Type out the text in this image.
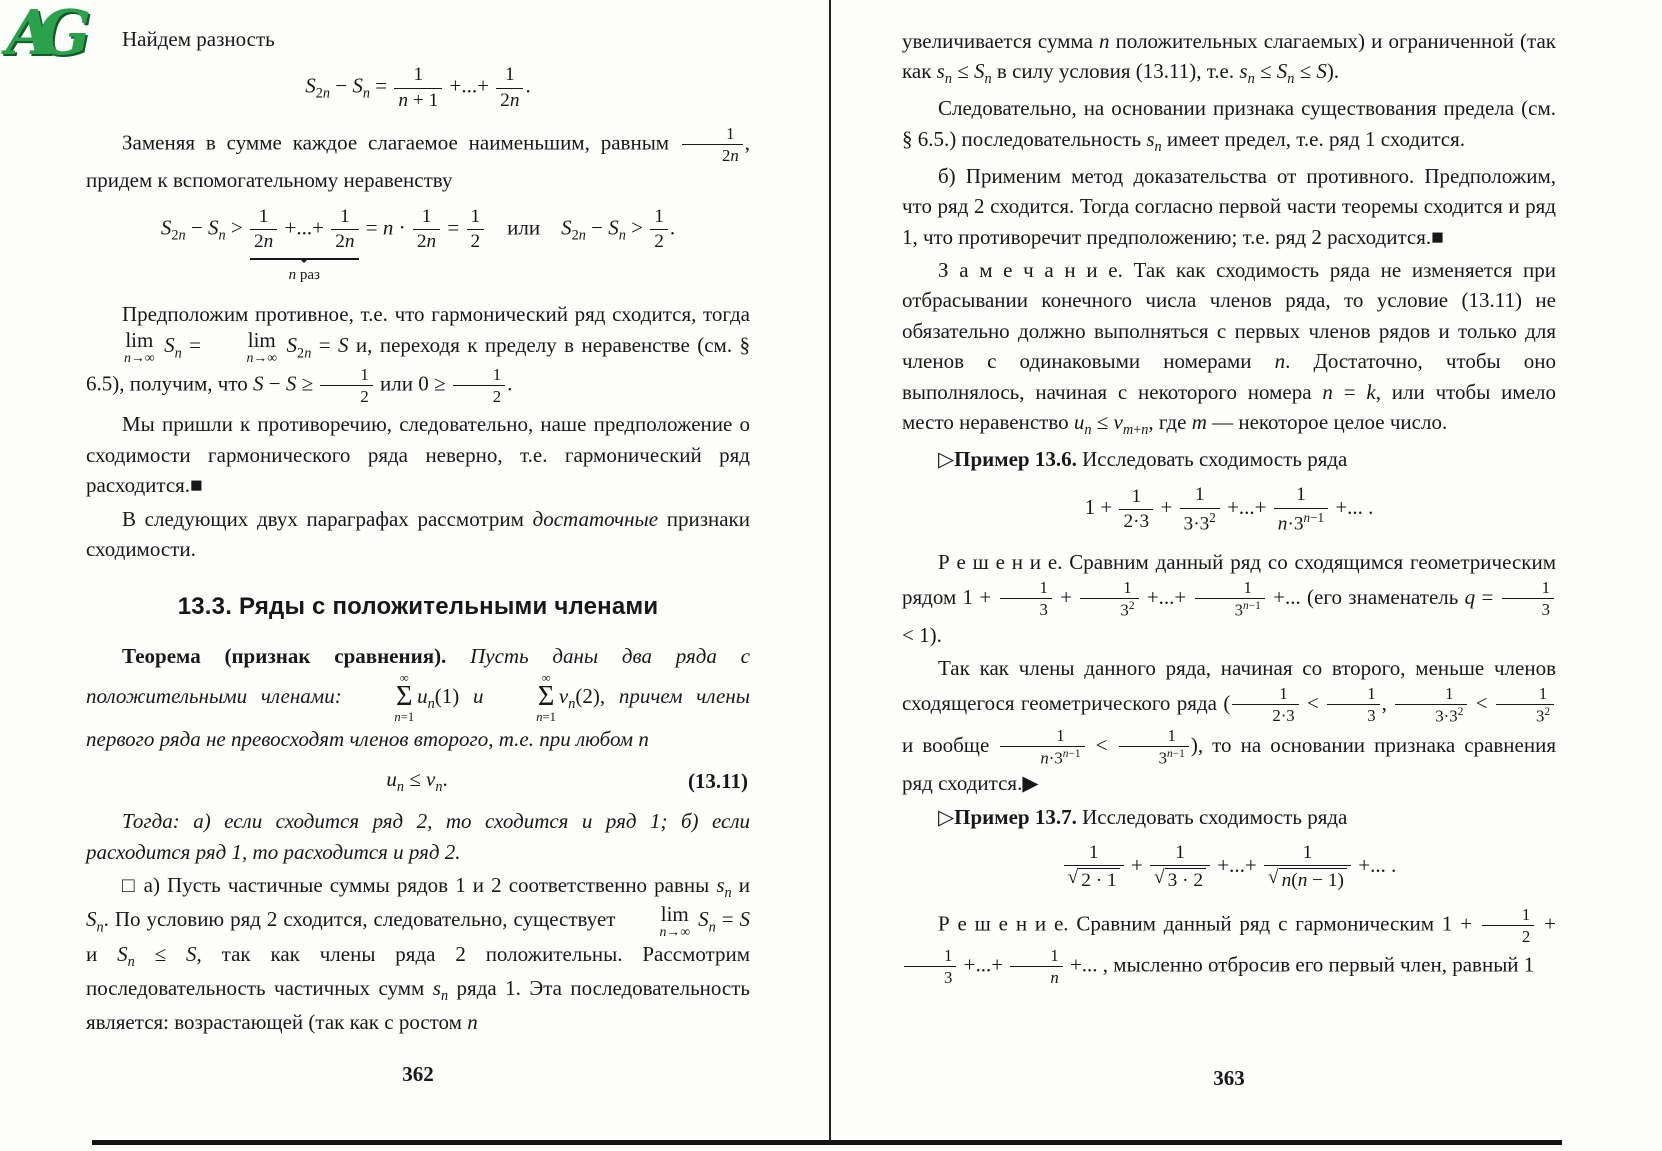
AG	Найдем разность

$S_{2n} - S_n = \frac{1}{n + 1}$ +...+ $\frac{1}{2n}$ .

Заменяя в сумме каждое слагаемое наименьшим, равным $\frac{1}{2n}$ , придем к вспомогательному неравенству

$S_{2n} - S_n > \frac{1}{2n}$ +...+ $\frac{1}{2n}$
n раз
= $n \cdot \frac{1}{2n} = \frac{1}{2}$  или $S_{2n} - S_n > \frac{1}{2}$ .

Предположим противное, т.е. что гармонический ряд сходится, тогда
lim
n→∞
$S_n$ =	lim
n→∞
$S_{2n} = S$ и, переходя к пределу в неравенстве (см. § 6.5), получим, что $S - S \ge \frac{1}{2}$ или $0 \ge \frac{1}{2}$ .

Мы пришли к противоречию, следовательно, наше предположение о сходимости гармонического ряда неверно, т.е. гармонический ряд расходится.■

В следующих двух параграфах рассмотрим достаточные признаки сходимости.

13.3. Ряды с положительными членами

Теорема (признак сравнения). Пусть даны два ряда с положительными членами:
∞
Σ
n=1
$u_n(1)$ и
∞
Σ
n=1
$v_n(2)$, причем члены первого ряда не превосходят членов второго, т.е. при любом n

$u_n \le v_n$.	(13.11)

Тогда: а) если сходится ряд 2, то сходится и ряд 1; б) если расходится ряд 1, то расходится и ряд 2.

□ а) Пусть частичные суммы рядов 1 и 2 соответственно равны $s_n$ и $S_n$. По условию ряд 2 сходится, следовательно, существует	lim
n→∞
$S_n = S$ и $S_n \le S$, так как члены ряда 2 положительны. Рассмотрим последовательность частичных сумм $s_n$ ряда 1. Эта последовательность является: возрастающей (так как с ростом n

362

увеличивается сумма n положительных слагаемых) и ограниченной (так как $s_n \le S_n$ в силу условия (13.11), т.е. $s_n \le S_n \le S$).

Следовательно, на основании признака существования предела (см. § 6.5.) последовательность $s_n$ имеет предел, т.е. ряд 1 сходится.

б) Применим метод доказательства от противного. Предположим, что ряд 2 сходится. Тогда согласно первой части теоремы сходится и ряд 1, что противоречит предположению; т.е. ряд 2 расходится.■

З а м е ч а н и е. Так как сходимость ряда не изменяется при отбрасывании конечного числа членов ряда, то условие (13.11) не обязательно должно выполняться с первых членов рядов и только для членов с одинаковыми номерами n. Достаточно, чтобы оно выполнялось, начиная с некоторого номера n = k, или чтобы имело место неравенство $u_n \le v_{m+n}$, где m — некоторое целое число.

▷Пример 13.6. Исследовать сходимость ряда

$1 + \frac{1}{2\cdot 3} + \frac{1}{3\cdot 3^2}$ +...+ $\frac{1}{n\cdot 3^{n-1}}$ +... .

Р е ш е н и е. Сравним данный ряд со сходящимся геометрическим рядом $1 + \frac{1}{3} + \frac{1}{3^2}$ +...+ $\frac{1}{3^{n-1}}$ +... (его знаменатель $q = \frac{1}{3}$
< 1).

Так как члены данного ряда, начиная со второго, меньше членов сходящегося геометрического ряда ( $\frac{1}{2\cdot 3} < \frac{1}{3}$ , $\frac{1}{3\cdot 3^2} < \frac{1}{3^2}$
и вообще $\frac{1}{n\cdot 3^{n-1}} < \frac{1}{3^{n-1}}$ ), то на основании признака сравнения ряд сходится.▶

▷Пример 13.7. Исследовать сходимость ряда

$\frac{1}{√ 2 \cdot 1} + \frac{1}{√ 3 \cdot 2}$ +...+ $\frac{1}{√ n(n - 1)}$ +... .

Р е ш е н и е. Сравним данный ряд с гармоническим $1 + \frac{1}{2}$ +
$\frac{1}{3}$ +...+ $\frac{1}{n}$ +... , мысленно отбросив его первый член, равный 1

363
